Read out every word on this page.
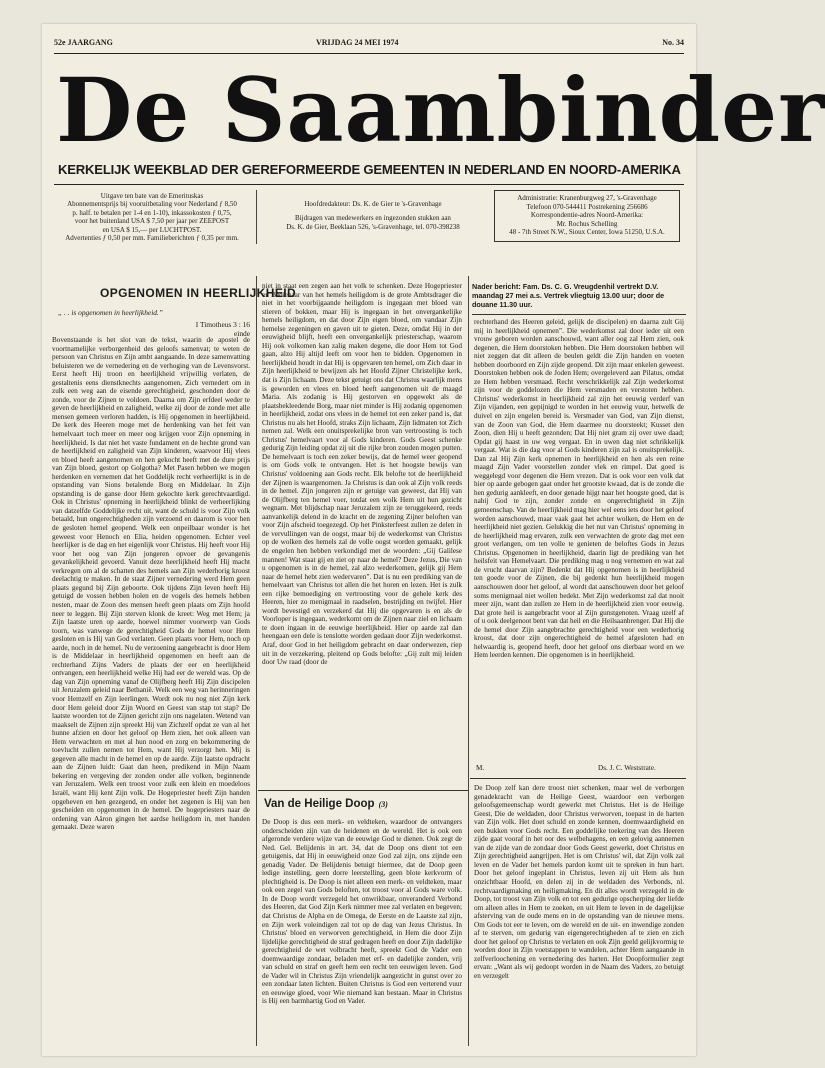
52e JAARGANG	VRIJDAG 24 MEI 1974	No. 34
De Saambinder
KERKELIJK WEEKBLAD DER GEREFORMEERDE GEMEENTEN IN NEDERLAND EN NOORD-AMERIKA
Uitgave ten bate van de Emerituskas
Abonnementsprijs bij vooruitbetaling voor Nederland ƒ 8,50
p. half. te betalen per 1-4 en 1-10), inkassokosten ƒ 0,75,
voor het buitenland USA $ 7,50 per jaar per ZEEPOST
en USA $ 15,— per LUCHTPOST.
Advertenties ƒ 0,50 per mm. Familieberichten ƒ 0,35 per mm.
Hoofdredakteur: Ds. K. de Gier te 's-Gravenhage
Bijdragen van medewerkers en ingezonden stukken aan
Ds. K. de Gier, Beeklaan 526, 's-Gravenhage, tel. 070-398238
Administratie: Kranenburgweg 27, 's-Gravenhage
Telefoon 070-544411 Postrekening 256686
Korrespondentie-adres Noord-Amerika:
Mr. Rochus Schelling
48 - 7th Street N.W., Sioux Center, Iowa 51250, U.S.A.
OPGENOMEN IN HEERLIJKHEID
„ . . is opgenomen in heerlijkheid.”
I Timotheus 3 : 16 einde

Bovenstaande is het slot van de tekst, waarin de apostel de voortnamelijke verborgenheid des geloofs samenvat; te weten de persoon van Christus en Zijn ambt aangaande. In deze samenvatting beluisteren we de vernedering en de verhoging van de Levensvorst. Eerst heeft Hij troon en heerlijkheid vrijwillig verlaten, de gestaltenis eens dienstknechts aangenomen, Zich vernedert om in zulk een weg aan de eisende gerechtigheid, geschonden door de zonde, voor de Zijnen te voldoen. Daarna om Zijn erfdeel weder te geven de heerlijkheid en zaligheid, welke zij door de zonde met alle mensen gemeen verloren hadden, is Hij opgenomen in heerlijkheid. De kerk des Heeren moge met de herdenking van het feit van hemelvaart toch meer en meer oog krijgen voor Zijn opneming in heerlijkheid. Is dat niet het vaste fundament en de hechte grond van de heerlijkheid en zaligheid van Zijn kinderen, waarvoor Hij vlees en bloed heeft aangenomen en hen gekocht heeft met de dure prijs van Zijn bloed, gestort op Golgotha? Met Pasen hebben we mogen herdenken en vernemen dat het Goddelijk recht verheerlijkt is in de opstanding van Sions betalende Borg en Middelaar. In Zijn opstanding is de ganse door Hem gekochte kerk gerechtvaardigd. Ook in Christus' opneming in heerlijkheid blinkt de verheerlijking van datzelfde Goddelijke recht uit, want de schuld is voor Zijn volk betaald, hun ongerechtigheden zijn verzoend en daarom is voor hen de gesloten hemel geopend. Welk een onpeilbaar wonder is het geweest voor Henoch en Elia, heiden opgenomen. Echter veel heerlijker is de dag en het eigenlijk voor Christus. Hij heeft voor Hij voor het oog van Zijn jongeren opvoer de gevangenis gevankelijkheid gevoerd. Vanuit deze heerlijkheid heeft Hij macht verkregen om al de schatten des hemels aan Zijn wederhorig kroost deelachtig te maken. In de staat Zijner vernedering werd Hem geen plaats gegund bij Zijn geboorte. Ook tijdens Zijn leven heeft Hij getuigd de vossen hebben holen en de vogels des hemels hebben nesten, maar de Zoon des mensen heeft geen plaats om Zijn hoofd neer te leggen. Bij Zijn sterven klonk de kreet: Weg met Hem; ja Zijn laatste uren op aarde, hoewel nimmer voorwerp van Gods toorn, was vanwege de gerechtigheid Gods de hemel voor Hem gesloten en is Hij van God verlaten. Geen plaats voor Hem, noch op aarde, noch in de hemel. Nu de verzoening aangebracht is door Hem is de Middelaar in heerlijkheid opgenomen en heeft aan de rechterhand Zijns Vaders de plaats der eer en heerlijkheid ontvangen, een heerlijkheid welke Hij had eer de wereld was. Op de dag van Zijn opneming vanaf de Olijfberg heeft Hij Zijn discipelen uit Jeruzalem geleid naar Bethanië. Welk een weg van herinneringen voor Hemzelf en Zijn leerlingen. Wordt ook nu nog niet Zijn kerk door Hem geleid door Zijn Woord en Geest van stap tot stap? De laatste woorden tot de Zijnen gericht zijn ons nagelaten. Wetend van maakselt de Zijnen zijn spreekt Hij van Zichzelf opdat ze van al het hunne afzien en door het geloof op Hem zien, het ook alleen van Hem verwachten en met al hun nood en zorg en bekommering de toevlucht zullen nemen tot Hem, want Hij verzorgt hen. Mij is gegeven alle macht in de hemel en op de aarde. Zijn laatste opdracht aan de Zijnen luidt: Gaat dan heen, predikend in Mijn Naam bekering en vergeving der zonden onder alle volken, beginnende van Jeruzalem. Welk een troost voor zulk een klein en moedeloos Israël, want Hij kent Zijn volk. De Hogepriester heeft Zijn handen opgeheven en hen gezegend, en onder het zegenen is Hij van hen gescheiden en opgenomen in de hemel. De hogepriesters naar de ordening van Aäron gingen het aardse heiligdom in, met handen gemaakt. Deze waren

niet in staat een zegen aan het volk te schenken. Deze Hogepriester en Bedienaar van het hemels heiligdom is de grote Ambtsdrager die niet in het voorbijgaande heiligdom is ingegaan met bloed van stieren of bokken, maar Hij is ingegaan in het onvergankelijke hemels heiligdom, en dat door Zijn eigen bloed, om vandaar Zijn hemelse zegeningen en gaven uit te gieten. Deze, omdat Hij in der eeuwigheid blijft, heeft een onvergankelijk priesterschap, waarom Hij ook volkomen kan zalig maken degene, die door Hem tot God gaan, alzo Hij altijd leeft om voor hen te bidden. Opgenomen in heerlijkheid houdt in dat Hij is opgevaren ten hemel, om Zich daar in Zijn heerlijkheid te bewijzen als het Hoofd Zijner Christelijke kerk, dat is Zijn lichaam. Deze tekst getuigt ons dat Christus waarlijk mens is geworden en vlees en bloed heeft aangenomen uit de maagd Maria. Als zodanig is Hij gestorven en opgewekt als de plaatsbekleedende Borg, maar niet minder is Hij zodanig opgenomen in heerlijkheid, zodat ons vlees in de hemel tot een zeker pand is, dat Christus nu als het Hoofd, straks Zijn lichaam, Zijn lidmaten tot Zich nemen zal. Welk een onuitsprekelijke bron van vertroosting is toch Christus' hemelvaart voor al Gods kinderen. Gods Geest schenke gedurig Zijn leiding opdat zij uit die rijke bron zouden mogen putten. De hemelvaart is toch een zeker bewijs, dat de hemel weer geopend is om Gods volk te ontvangen. Het is het hoogste bewijs van Christus' voldoening aan Gods recht. Elk belofte tot de heerlijkheid der Zijnen is waargenomen. Ja Christus is dan ook al Zijn volk reeds in de hemel. Zijn jongeren zijn er getuige van geweest, dat Hij van de Olijfberg ten hemel voer, totdat een wolk Hem uit hun gezicht wegnam. Met blijdschap naar Jeruzalem zijn ze teruggekeerd, reeds aanvankelijk delend in de kracht en de zegening Zijner beloften van voor Zijn afscheid toegezegd. Op het Pinksterfeest zullen ze delen in de vervullingen van de oogst, maar bij de wederkomst van Christus op de wolken des hemels zal de volle oogst worden gemaakt, gelijk de engelen hen hebben verkondigd met de woorden: „Gij Galilese mannen! Wat staat gij en ziet op naar de hemel? Deze Jezus, Die van u opgenomen is in de hemel, zal alzo wederkomen, gelijk gij Hem naar de hemel hebt zien wedervaren”. Dat is nu een prediking van de hemelvaart van Christus tot allen die het horen en lezen. Het is zulk een rijke bemoediging en vertroosting voor de gehele kerk des Heeren, hier zo menigmaal in raadselen, bestrijding en twijfel. Hier wordt bevestigd en verzekerd dat Hij die opgevaren is en als de Voorloper is ingegaan, wederkomt om de Zijnen naar ziel en lichaam te doen ingaan in de eeuwige heerlijkheid. Hier op aarde zal dan heengaan een dele is tenslotte worden gedaan door Zijn wederkomst. Araf, door God in het heiligdom gebracht en daar onderwezen, riep uit in de verzekering, pleitend op Gods belofte: „Gij zult mij leiden door Uw raad (door de

Nader bericht: Fam. Ds. C. G. Vreugdenhil vertrekt D.V. maandag 27 mei a.s. Vertrek vliegtuig 13.00 uur; door de douane 11.30 uur.

rechterhand des Heeren geleid, gelijk de discipelen) en daarna zult Gij mij in heerlijkheid opnemen”. Die wederkomst zal door ieder uit een vrouw geboren worden aanschouwd, want aller oog zal Hem zien, ook degenen, die Hem doorstoken hebben. Die Hem doorstoken hebben wil niet zeggen dat dit alleen de beulen geldt die Zijn handen en voeten hebben doorboord en Zijn zijde geopend. Dit zijn maar enkelen geweest. Doorstoken hebben ook de Joden Hem; overgeleverd aan Pilatus, omdat ze Hem hebben versmaad. Recht verschrikkelijk zal Zijn wederkomst zijn voor de goddelozen die Hem versmaden en verstoten hebben. Christus' wederkomst in heerlijkheid zal zijn het eeuwig verderf van Zijn vijanden, een gepijnigd te worden in het eeuwig vuur, hetwelk de duivel en zijn engelen bereid is. Versmader van God, van Zijn dienst, van de Zoon van God, die Hem daarmee nu doorsteekt; Kusset den Zoon, dien Hij u heeft gezonden; Dat Hij niet gram zij over uwe daad; Opdat gij haast in uw weg vergaat. En in uwen dag niet schrikkelijk vergaat. Wat is die dag voor al Gods kinderen zijn zal is onuitsprekelijk. Dan zal Hij Zijn kerk opnemen in heerlijkheid en hen als een reine maagd Zijn Vader voorstellen zonder vlek en rimpel. Dat goed is weggelegd voor degenen die Hem vrezen. Dat is ook voor een volk dat hier op aarde gebogen gaat onder het grootste kwaad, dat is de zonde die hen gedurig aankleeft, en door genade hijgt naar het hoogste goed, dat is nabij God te zijn, zonder zonde en ongerechtigheid in Zijn gemeenschap. Van de heerlijkheid mag hier wel eens iets door het geloof worden aanschouwd, maar vaak gaat het achter wolken, de Hem en de heerlijkheid niet gezien. Gelukkig die het nut van Christus' opneming in de heerlijkheid mag ervaren, zulk een verwachten de grote dag met een groot verlangen, om ten volle te genieten de beloftes Gods in Jezus Christus. Opgenomen in heerlijkheid, daarin ligt de prediking van het heilsfeit van Hemelvaart. Die prediking mag u nog vernemen en wat zal de vrucht daarvan zijn? Bedenkt dat Hij opgenomen is in heerlijkheid ten goede voor de Zijnen, die bij gedenkt hun heerlijkheid mogen aanschouwen door het geloof, al wordt dat aanschouwen door het geloof soms menigmaal niet wollen bedekt. Met Zijn wederkomst zal dat nooit meer zijn, want dan zullen ze Hem in de heerlijkheid zien voor eeuwig. Dat grote heil is aangebracht voor al Zijn gunstgenoten. Vraag uzelf af of u ook deelgenoot bent van dat heil en die Heilsaanbrenger. Dat Hij die de hemel door Zijn aangebrachte gerechtigheid voor een wederhorig kroost, dat door zijn ongerechtigheid de hemel afgesloten had en helwaardig is, geopend heeft, door het geloof ons dierbaar word en we Hem leerden kennen. Die opgenomen is in heerlijkheid.

M.	Ds. J. C. Weststrate.
Van de Heilige Doop (3)

De Doop is dus een merk- en veldteken, waardoor de ontvangers onderscheiden zijn van de heidenen en de wereld. Het is ook een afgeronde verdere wijze van de eeuwige God te dienen. Ook zegt de Ned. Gel. Belijdenis in art. 34, dat de Doop ons dient tot een getuigenis, dat Hij in eeuwigheid onze God zal zijn, ons zijnde een genadig Vader. De Belijdenis betuigt hiermee, dat de Doop geen ledige instelling, geen dorre leerstelling, geen blote kerkvorm of plechtigheid is. De Doop is niet alleen een merk- en veldteken, maar ook een zegel van Gods beloften, tot troost voor al Gods ware volk. In de Doop wordt verzegeld het onwrikbaar, onveranderd Verbond des Heeren, dat God Zijn Kerk nimmer mee zal verlaten en begeven; dat Christus de Alpha en de Omega, de Eerste en de Laatste zal zijn, en Zijn werk voleindigen zal tot op de dag van Jezus Christus. In Christus' bloed en verworven gerechtigheid, in Hem die door Zijn lijdelijke gerechtigheid de straf gedragen heeft en door Zijn dadelijke gerechtigheid de wet volbracht heeft, spreekt God de Vader een doemwaardige zondaar, beladen met erf- en dadelijke zonden, vrij van schuld en straf en geeft hem een recht ten eeuwigen leven. God de Vader wil in Christus Zijn vriendelijk aangezicht in gunst over zo een zondaar laten lichten. Buiten Christus is God een verterend vuur en eeuwige gloed, voor Wie niemand kan bestaan. Maar in Christus is Hij een barmhartig God en Vader.

De Doop zelf kan dere troost niet schenken, maar wel de verborgen genadekracht van de Heilige Geest, waardoor een verborgen geloofsgemeenschap wordt gewerkt met Christus. Het is de Heilige Geest, Die de weldaden, door Christus verworven, toepast in de harten van Zijn volk. Het doet schuld en zonde kennen, doemwaardigheid en een bukken voor Gods recht. Een goddelijke toekering van des Heeren zijde gaat vooraf in het oor des welbehagens, en een gelovig aannemen van de zijde van de zondaar door Gods Geest gewerkt, doet Christus en Zijn gerechtigheid aangrijpen. Het is om Christus' wil, dat Zijn volk zal leven en de Vader het hemels pardon komt uit te spreken in hun hart. Door het geloof ingeplant in Christus, leven zij uit Hem als hun onzichtbaar Hoofd, en delen zij in de weldaden des Verbonds, nl. rechtvaardigmaking en heiligmaking. En dit alles wordt verzegeld in de Doop, tot troost van Zijn volk en tot een gedurige opscherping der liefde om alleen alles in Hem te zoeken, en uit Hem te leven in de dagelijkse afsterving van de oude mens en in de opstanding van de nieuwe mens. Om Gods tot eer te leven, om de wereld en de uit- en inwendige zonden af te sterven, om gedurig van eigengerechtigheden af te zien en zich door het geloof op Christus te verlaten en ook Zijn geeld gelijkvormig te worden door in Zijn voetstappen te wandelen, achter Hem aangaande in zelfverloochening en vernedering des harten. Het Doopformulier zegt ervan: „Want als wij gedoopt worden in de Naam des Vaders, zo betuigt en verzegelt
